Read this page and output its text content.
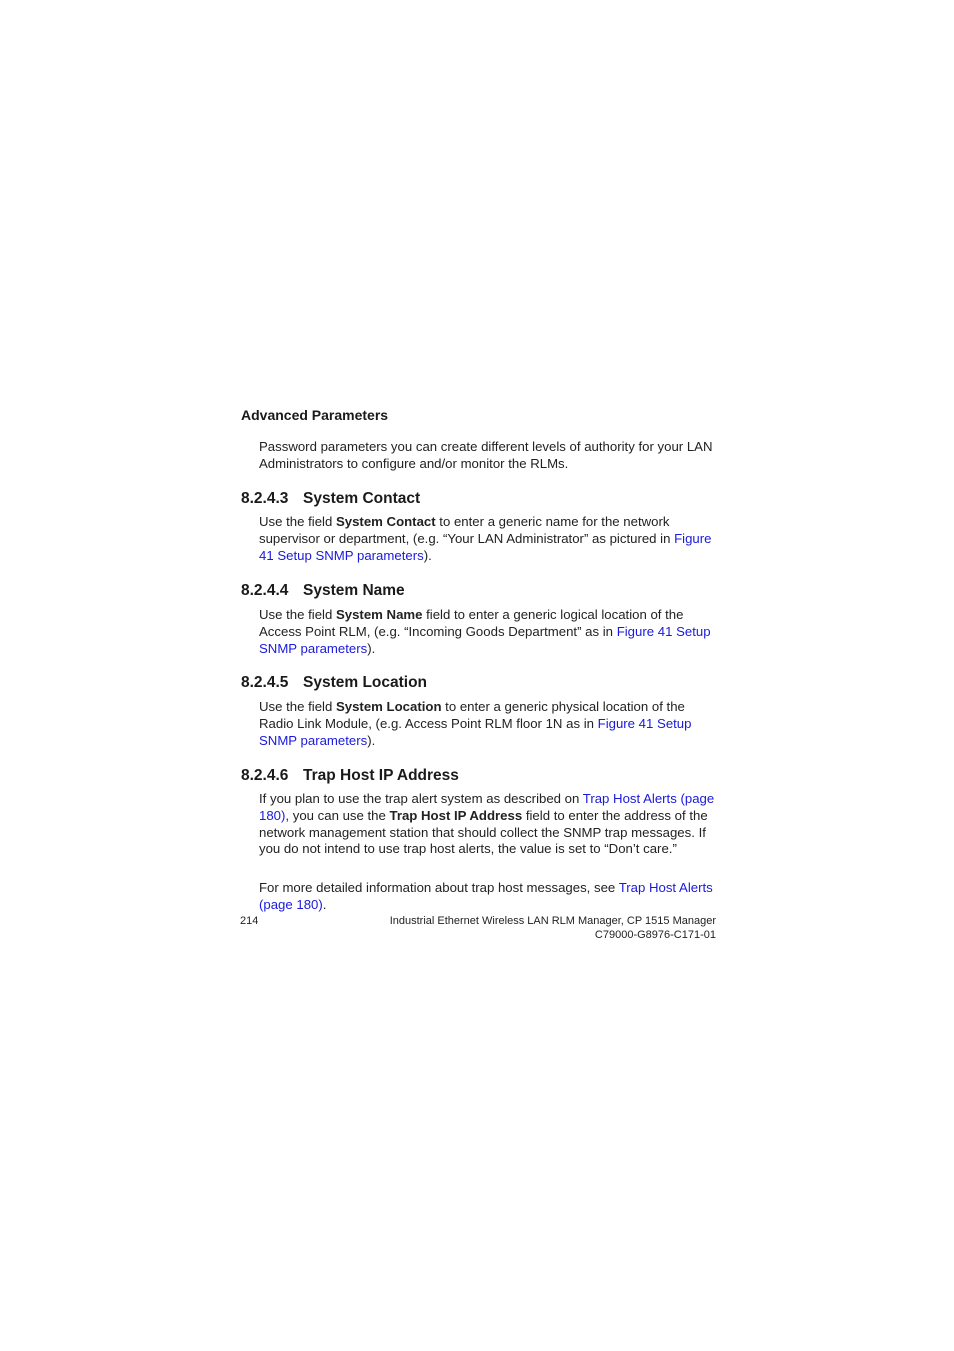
Advanced Parameters

Password parameters you can create different levels of authority for your LAN Administrators to configure and/or monitor the RLMs.

8.2.4.3 System Contact

Use the field System Contact to enter a generic name for the network supervisor or department, (e.g. “Your LAN Administrator” as pictured in Figure 41 Setup SNMP parameters).

8.2.4.4 System Name

Use the field System Name field to enter a generic logical location of the Access Point RLM, (e.g. “Incoming Goods Department” as in Figure 41 Setup SNMP parameters).

8.2.4.5 System Location

Use the field System Location to enter a generic physical location of the Radio Link Module, (e.g. Access Point RLM floor 1N as in Figure 41 Setup SNMP parameters).

8.2.4.6 Trap Host IP Address

If you plan to use the trap alert system as described on Trap Host Alerts (page 180), you can use the Trap Host IP Address field to enter the address of the network management station that should collect the SNMP trap messages. If you do not intend to use trap host alerts, the value is set to “Don’t care.”

For more detailed information about trap host messages, see Trap Host Alerts (page 180).

214	Industrial Ethernet Wireless LAN RLM Manager, CP 1515 Manager
C79000-G8976-C171-01
